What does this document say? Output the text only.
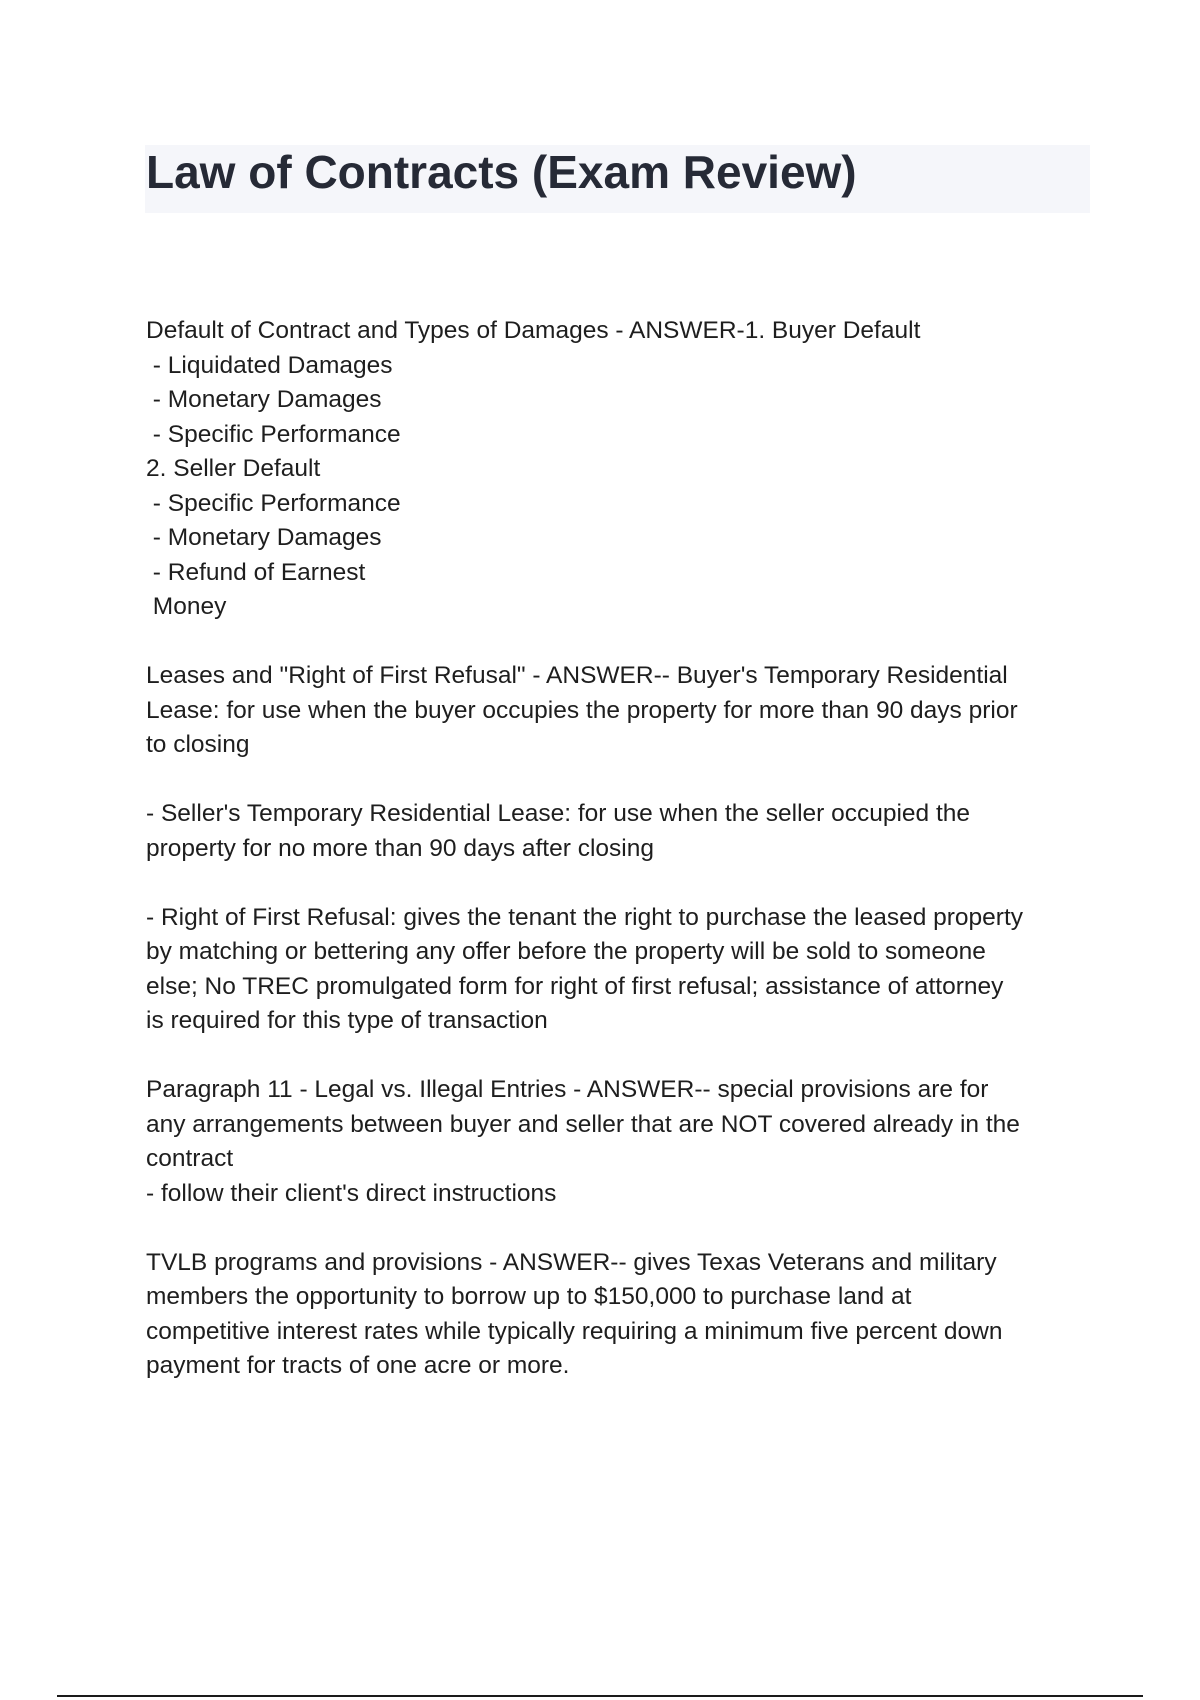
Law of Contracts (Exam Review)
Default of Contract and Types of Damages - ANSWER-1. Buyer Default
- Liquidated Damages
- Monetary Damages
- Specific Performance
2. Seller Default
- Specific Performance
- Monetary Damages
- Refund of Earnest
Money
Leases and "Right of First Refusal" - ANSWER-- Buyer's Temporary Residential
Lease: for use when the buyer occupies the property for more than 90 days prior
to closing
- Seller's Temporary Residential Lease: for use when the seller occupied the
property for no more than 90 days after closing
- Right of First Refusal: gives the tenant the right to purchase the leased property
by matching or bettering any offer before the property will be sold to someone
else; No TREC promulgated form for right of first refusal; assistance of attorney
is required for this type of transaction
Paragraph 11 - Legal vs. Illegal Entries - ANSWER-- special provisions are for
any arrangements between buyer and seller that are NOT covered already in the
contract
- follow their client's direct instructions
TVLB programs and provisions - ANSWER-- gives Texas Veterans and military
members the opportunity to borrow up to $150,000 to purchase land at
competitive interest rates while typically requiring a minimum five percent down
payment for tracts of one acre or more.
